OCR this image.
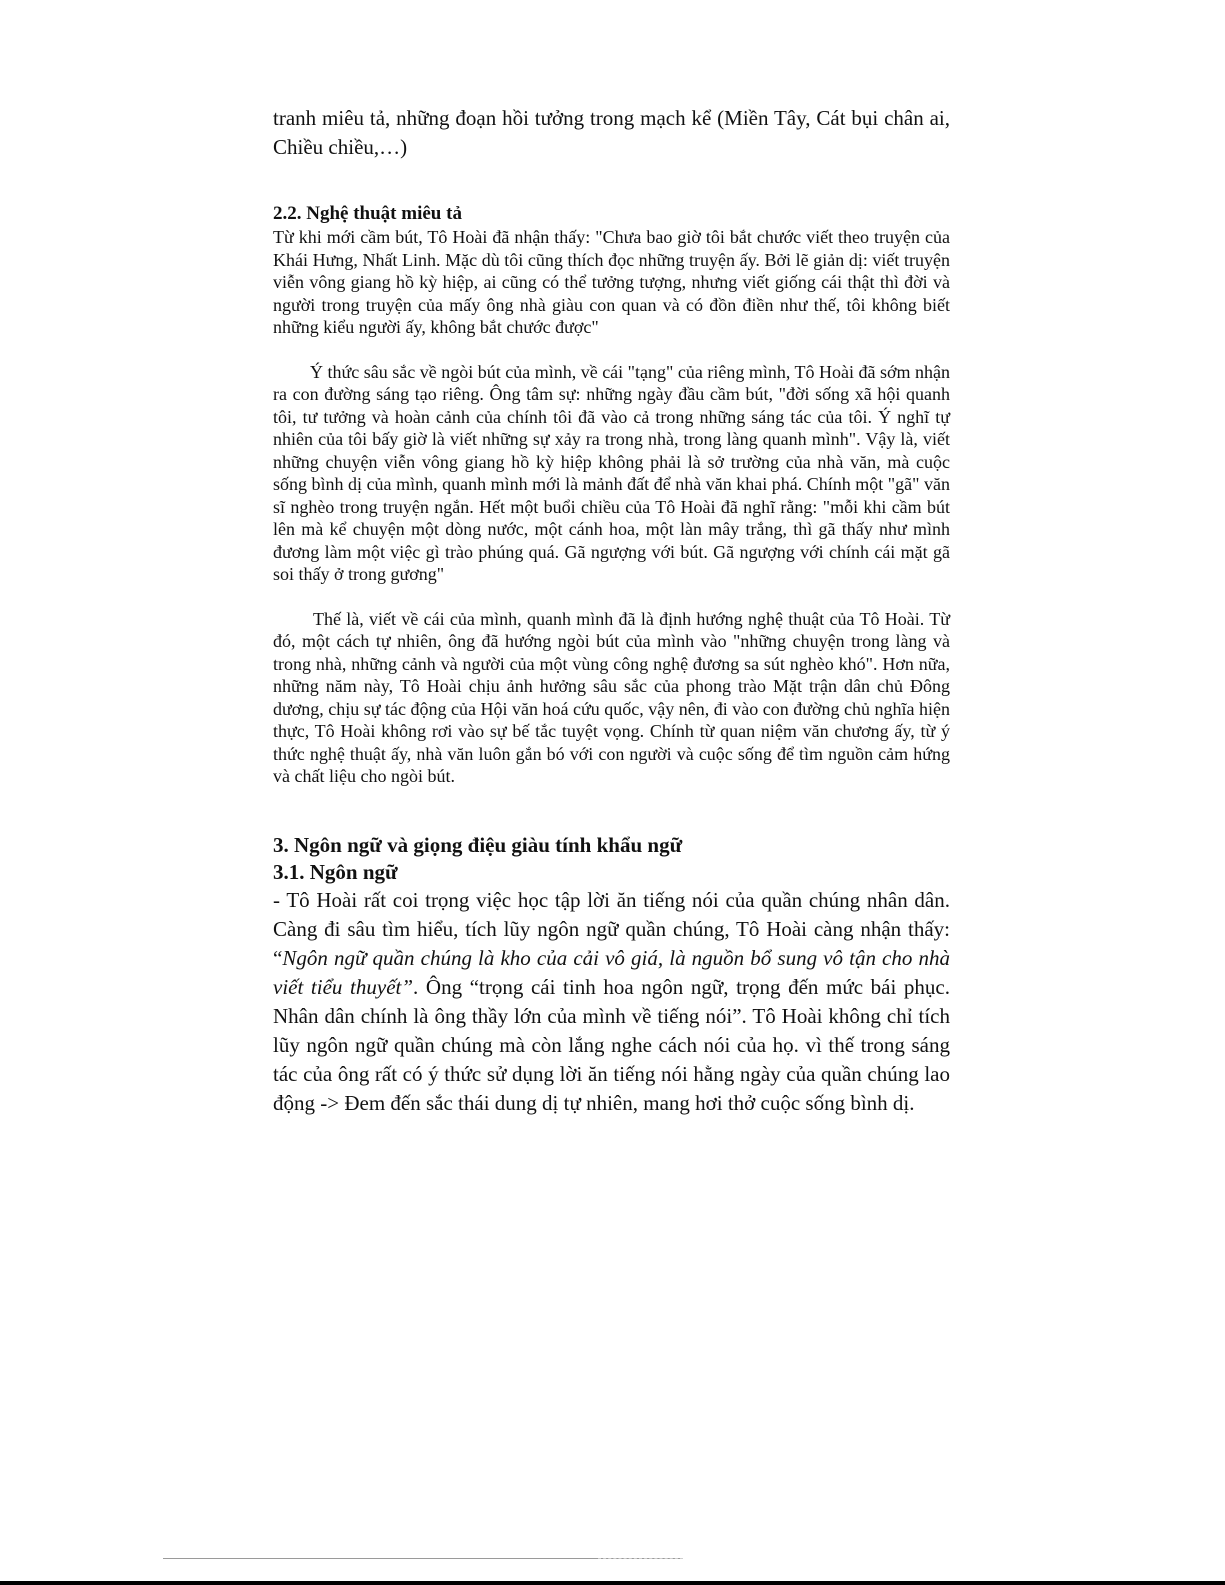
tranh miêu tả, những đoạn hồi tưởng trong mạch kể (Miền Tây, Cát bụi chân ai, Chiều chiều,…)

2.2. Nghệ thuật miêu tả

Từ khi mới cầm bút, Tô Hoài đã nhận thấy: "Chưa bao giờ tôi bắt chước viết theo truyện của Khái Hưng, Nhất Linh. Mặc dù tôi cũng thích đọc những truyện ấy. Bởi lẽ giản dị: viết truyện viễn vông giang hồ kỳ hiệp, ai cũng có thể tưởng tượng, nhưng viết giống cái thật thì đời và người trong truyện của mấy ông nhà giàu con quan và có đồn điền như thế, tôi không biết những kiểu người ấy, không bắt chước được"

Ý thức sâu sắc về ngòi bút của mình, về cái "tạng" của riêng mình, Tô Hoài đã sớm nhận ra con đường sáng tạo riêng. Ông tâm sự: những ngày đầu cầm bút, "đời sống xã hội quanh tôi, tư tưởng và hoàn cảnh của chính tôi đã vào cả trong những sáng tác của tôi. Ý nghĩ tự nhiên của tôi bấy giờ là viết những sự xảy ra trong nhà, trong làng quanh mình". Vậy là, viết những chuyện viễn vông giang hồ kỳ hiệp không phải là sở trường của nhà văn, mà cuộc sống bình dị của mình, quanh mình mới là mảnh đất để nhà văn khai phá. Chính một "gã" văn sĩ nghèo trong truyện ngắn. Hết một buổi chiều của Tô Hoài đã nghĩ rằng: "mỗi khi cầm bút lên mà kể chuyện một dòng nước, một cánh hoa, một làn mây trắng, thì gã thấy như mình đương làm một việc gì trào phúng quá. Gã ngượng với bút. Gã ngượng với chính cái mặt gã soi thấy ở trong gương"

Thế là, viết về cái của mình, quanh mình đã là định hướng nghệ thuật của Tô Hoài. Từ đó, một cách tự nhiên, ông đã hướng ngòi bút của mình vào "những chuyện trong làng và trong nhà, những cảnh và người của một vùng công nghệ đương sa sút nghèo khó". Hơn nữa, những năm này, Tô Hoài chịu ảnh hưởng sâu sắc của phong trào Mặt trận dân chủ Đông dương, chịu sự tác động của Hội văn hoá cứu quốc, vậy nên, đi vào con đường chủ nghĩa hiện thực, Tô Hoài không rơi vào sự bế tắc tuyệt vọng. Chính từ quan niệm văn chương ấy, từ ý thức nghệ thuật ấy, nhà văn luôn gắn bó với con người và cuộc sống để tìm nguồn cảm hứng và chất liệu cho ngòi bút.

3. Ngôn ngữ và giọng điệu giàu tính khẩu ngữ
3.1. Ngôn ngữ

- Tô Hoài rất coi trọng việc học tập lời ăn tiếng nói của quần chúng nhân dân. Càng đi sâu tìm hiểu, tích lũy ngôn ngữ quần chúng, Tô Hoài càng nhận thấy: “Ngôn ngữ quần chúng là kho của cải vô giá, là nguồn bổ sung vô tận cho nhà viết tiểu thuyết”. Ông “trọng cái tinh hoa ngôn ngữ, trọng đến mức bái phục. Nhân dân chính là ông thầy lớn của mình về tiếng nói”. Tô Hoài không chỉ tích lũy ngôn ngữ quần chúng mà còn lắng nghe cách nói của họ. vì thế trong sáng tác của ông rất có ý thức sử dụng lời ăn tiếng nói hằng ngày của quần chúng lao động -> Đem đến sắc thái dung dị tự nhiên, mang hơi thở cuộc sống bình dị.
